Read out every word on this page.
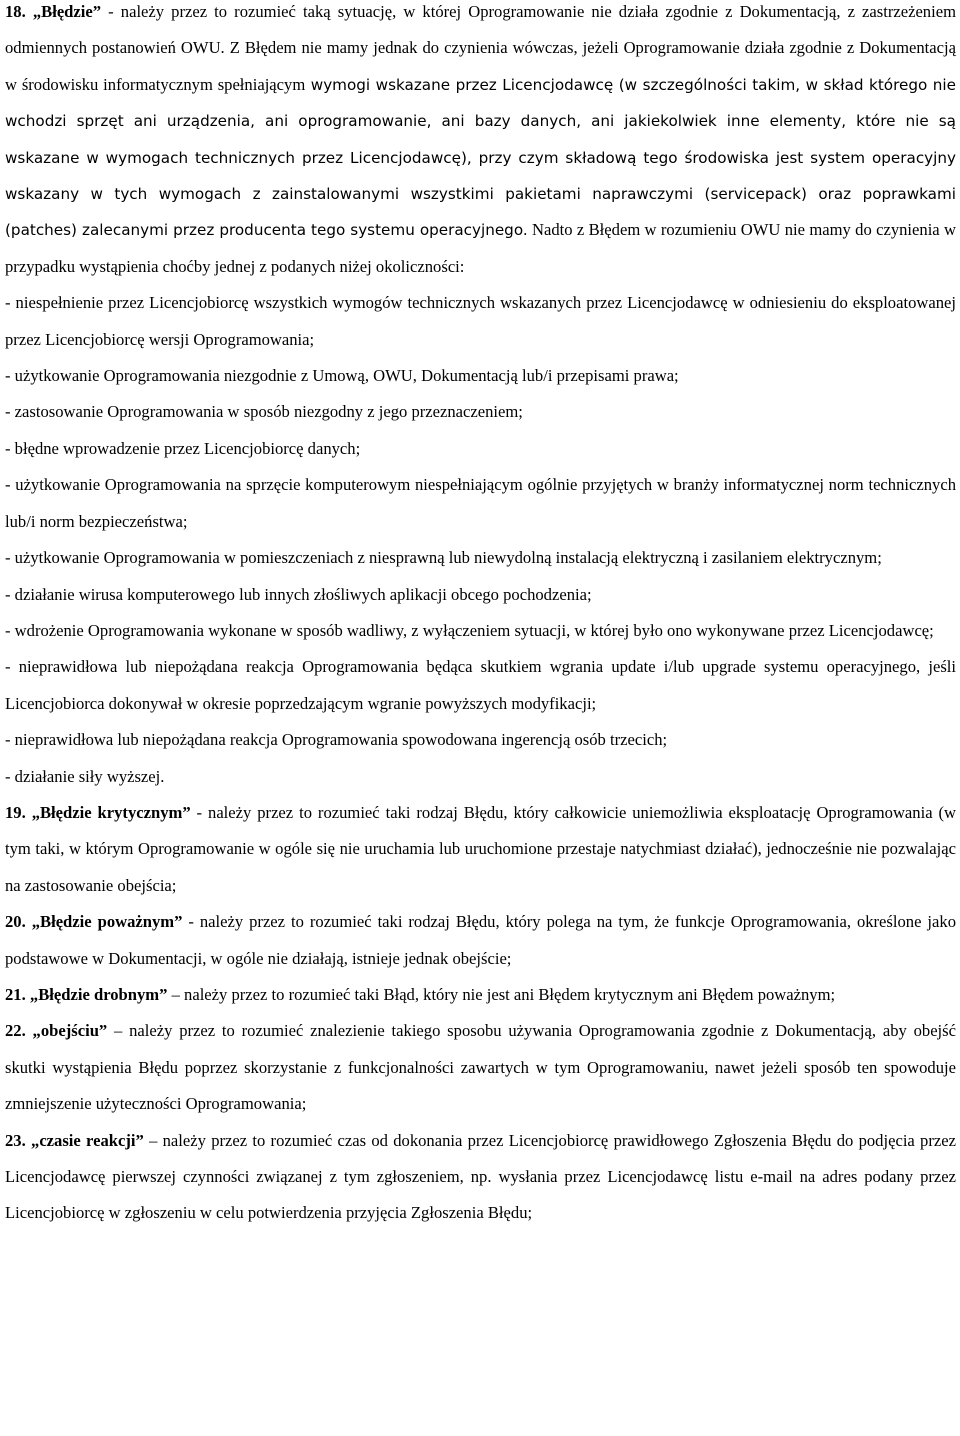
18. „Błędzie” - należy przez to rozumieć taką sytuację, w której Oprogramowanie nie działa zgodnie z Dokumentacją, z zastrzeżeniem odmiennych postanowień OWU. Z Błędem nie mamy jednak do czynienia wówczas, jeżeli Oprogramowanie działa zgodnie z Dokumentacją w środowisku informatycznym spełniającym wymogi wskazane przez Licencjodawcę (w szczególności takim, w skład którego nie wchodzi sprzęt ani urządzenia, ani oprogramowanie, ani bazy danych, ani jakiekolwiek inne elementy, które nie są wskazane w wymogach technicznych przez Licencjodawcę), przy czym składową tego środowiska jest system operacyjny wskazany w tych wymogach z zainstalowanymi wszystkimi pakietami naprawczymi (servicepack) oraz poprawkami (patches) zalecanymi przez producenta tego systemu operacyjnego. Nadto z Błędem w rozumieniu OWU nie mamy do czynienia w przypadku wystąpienia choćby jednej z podanych niżej okoliczności:

- niespełnienie przez Licencjobiorcę wszystkich wymogów technicznych wskazanych przez Licencjodawcę w odniesieniu do eksploatowanej przez Licencjobiorcę wersji Oprogramowania;

- użytkowanie Oprogramowania niezgodnie z Umową, OWU, Dokumentacją lub/i przepisami prawa;

- zastosowanie Oprogramowania w sposób niezgodny z jego przeznaczeniem;

- błędne wprowadzenie przez Licencjobiorcę danych;

- użytkowanie Oprogramowania na sprzęcie komputerowym niespełniającym ogólnie przyjętych w branży informatycznej norm technicznych lub/i norm bezpieczeństwa;

- użytkowanie Oprogramowania w pomieszczeniach z niesprawną lub niewydolną instalacją elektryczną i zasilaniem elektrycznym;

- działanie wirusa komputerowego lub innych złośliwych aplikacji obcego pochodzenia;

- wdrożenie Oprogramowania wykonane w sposób wadliwy, z wyłączeniem sytuacji, w której było ono wykonywane przez Licencjodawcę;

- nieprawidłowa lub niepożądana reakcja Oprogramowania będąca skutkiem wgrania update i/lub upgrade systemu operacyjnego, jeśli Licencjobiorca dokonywał w okresie poprzedzającym wgranie powyższych modyfikacji;

- nieprawidłowa lub niepożądana reakcja Oprogramowania spowodowana ingerencją osób trzecich;

- działanie siły wyższej.

19. „Błędzie krytycznym” - należy przez to rozumieć taki rodzaj Błędu, który całkowicie uniemożliwia eksploatację Oprogramowania (w tym taki, w którym Oprogramowanie w ogóle się nie uruchamia lub uruchomione przestaje natychmiast działać), jednocześnie nie pozwalając na zastosowanie obejścia;

20. „Błędzie poważnym” - należy przez to rozumieć taki rodzaj Błędu, który polega na tym, że funkcje Oprogramowania, określone jako podstawowe w Dokumentacji, w ogóle nie działają, istnieje jednak obejście;

21. „Błędzie drobnym” – należy przez to rozumieć taki Błąd, który nie jest ani Błędem krytycznym ani Błędem poważnym;

22. „obejściu” – należy przez to rozumieć znalezienie takiego sposobu używania Oprogramowania zgodnie z Dokumentacją, aby obejść skutki wystąpienia Błędu poprzez skorzystanie z funkcjonalności zawartych w tym Oprogramowaniu, nawet jeżeli sposób ten spowoduje zmniejszenie użyteczności Oprogramowania;

23. „czasie reakcji” – należy przez to rozumieć czas od dokonania przez Licencjobiorcę prawidłowego Zgłoszenia Błędu do podjęcia przez Licencjodawcę pierwszej czynności związanej z tym zgłoszeniem, np. wysłania przez Licencjodawcę listu e-mail na adres podany przez Licencjobiorcę w zgłoszeniu w celu potwierdzenia przyjęcia Zgłoszenia Błędu;
